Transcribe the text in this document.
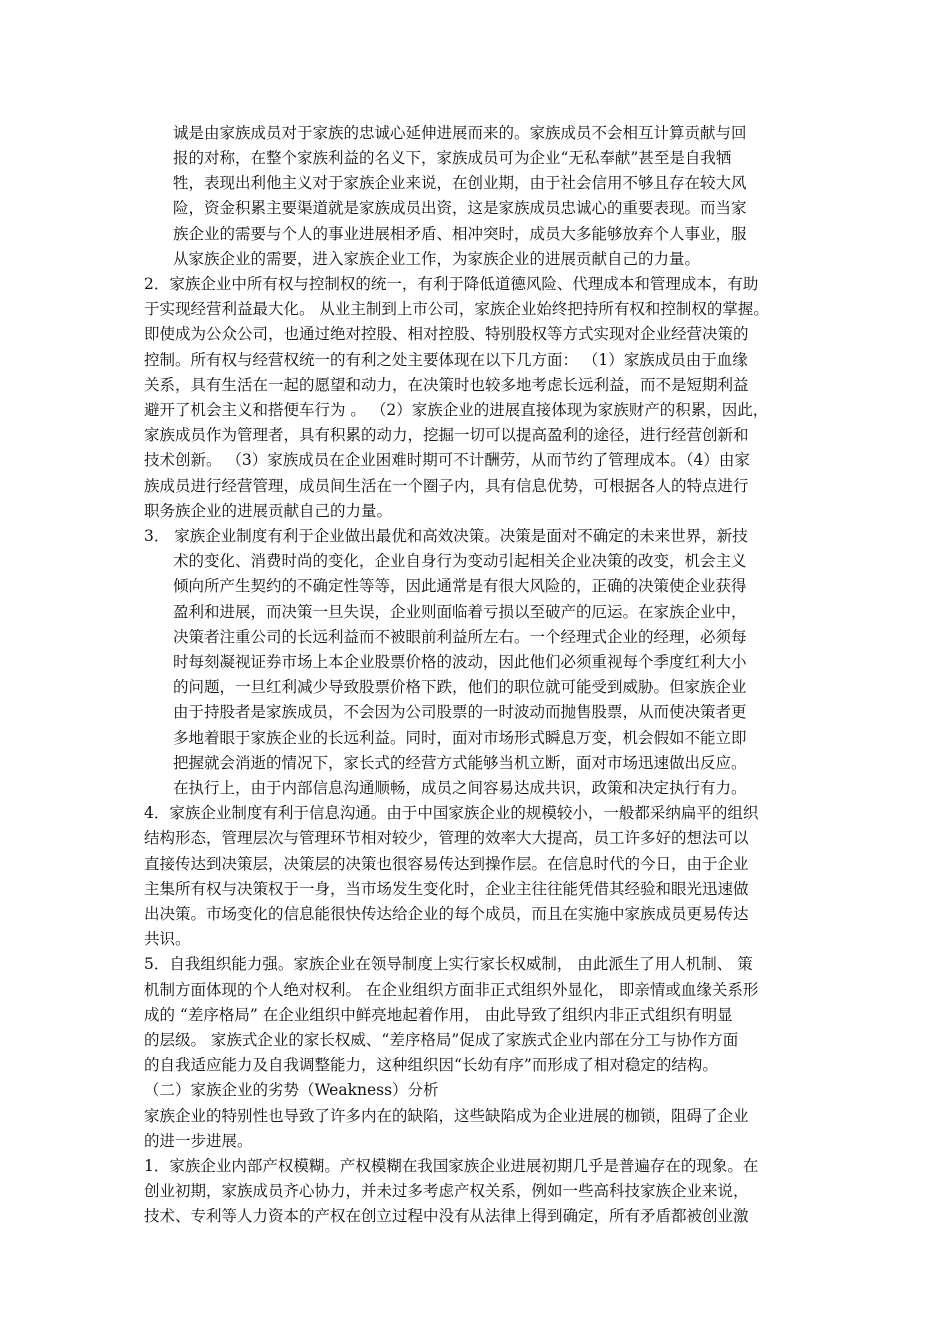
诚是由家族成员对于家族的忠诚心延伸进展而来的。家族成员不会相互计算贡献与回
报的对称，在整个家族利益的名义下，家族成员可为企业“无私奉献”甚至是自我牺
牲，表现出利他主义对于家族企业来说，在创业期，由于社会信用不够且存在较大风
险，资金积累主要渠道就是家族成员出资，这是家族成员忠诚心的重要表现。而当家
族企业的需要与个人的事业进展相矛盾、相冲突时，成员大多能够放弃个人事业，服
从家族企业的需要，进入家族企业工作，为家族企业的进展贡献自己的力量。
2．家族企业中所有权与控制权的统一，有利于降低道德风险、代理成本和管理成本，有助
于实现经营利益最大化。 从业主制到上市公司，家族企业始终把持所有权和控制权的掌握。
即使成为公众公司，也通过绝对控股、相对控股、特别股权等方式实现对企业经营决策的
控制。所有权与经营权统一的有利之处主要体现在以下几方面： （1）家族成员由于血缘
关系，具有生活在一起的愿望和动力，在决策时也较多地考虑长远利益，而不是短期利益
避开了机会主义和搭便车行为 。 （2）家族企业的进展直接体现为家族财产的积累，因此，
家族成员作为管理者，具有积累的动力，挖掘一切可以提高盈利的途径，进行经营创新和
技术创新。 （3）家族成员在企业困难时期可不计酬劳，从而节约了管理成本。（4）由家
族成员进行经营管理，成员间生活在一个圈子内，具有信息优势，可根据各人的特点进行
职务族企业的进展贡献自己的力量。
3． 家族企业制度有利于企业做出最优和高效决策。决策是面对不确定的未来世界，新技
术的变化、消费时尚的变化，企业自身行为变动引起相关企业决策的改变，机会主义
倾向所产生契约的不确定性等等，因此通常是有很大风险的，正确的决策使企业获得
盈利和进展，而决策一旦失误，企业则面临着亏损以至破产的厄运。在家族企业中，
决策者注重公司的长远利益而不被眼前利益所左右。一个经理式企业的经理，必须每
时每刻凝视证券市场上本企业股票价格的波动，因此他们必须重视每个季度红利大小
的问题，一旦红利减少导致股票价格下跌，他们的职位就可能受到威胁。但家族企业
由于持股者是家族成员，不会因为公司股票的一时波动而抛售股票，从而使决策者更
多地着眼于家族企业的长远利益。同时，面对市场形式瞬息万变，机会假如不能立即
把握就会消逝的情况下，家长式的经营方式能够当机立断，面对市场迅速做出反应。
在执行上，由于内部信息沟通顺畅，成员之间容易达成共识，政策和决定执行有力。
4．家族企业制度有利于信息沟通。由于中国家族企业的规模较小，一般都采纳扁平的组织
结构形态，管理层次与管理环节相对较少，管理的效率大大提高，员工许多好的想法可以
直接传达到决策层，决策层的决策也很容易传达到操作层。在信息时代的今日，由于企业
主集所有权与决策权于一身，当市场发生变化时，企业主往往能凭借其经验和眼光迅速做
出决策。市场变化的信息能很快传达给企业的每个成员，而且在实施中家族成员更易传达
共识。
5．自我组织能力强。家族企业在领导制度上实行家长权威制， 由此派生了用人机制、 策
机制方面体现的个人绝对权利。 在企业组织方面非正式组织外显化， 即亲情或血缘关系形
成的 “差序格局” 在企业组织中鲜亮地起着作用， 由此导致了组织内非正式组织有明显
的层级。 家族式企业的家长权威、“差序格局”促成了家族式企业内部在分工与协作方面
的自我适应能力及自我调整能力，这种组织因“长幼有序”而形成了相对稳定的结构。
（二）家族企业的劣势（Weakness）分析
家族企业的特别性也导致了许多内在的缺陷，这些缺陷成为企业进展的枷锁，阻碍了企业
的进一步进展。
1．家族企业内部产权模糊。产权模糊在我国家族企业进展初期几乎是普遍存在的现象。在
创业初期，家族成员齐心协力，并未过多考虑产权关系，例如一些高科技家族企业来说，
技术、专利等人力资本的产权在创立过程中没有从法律上得到确定，所有矛盾都被创业激
